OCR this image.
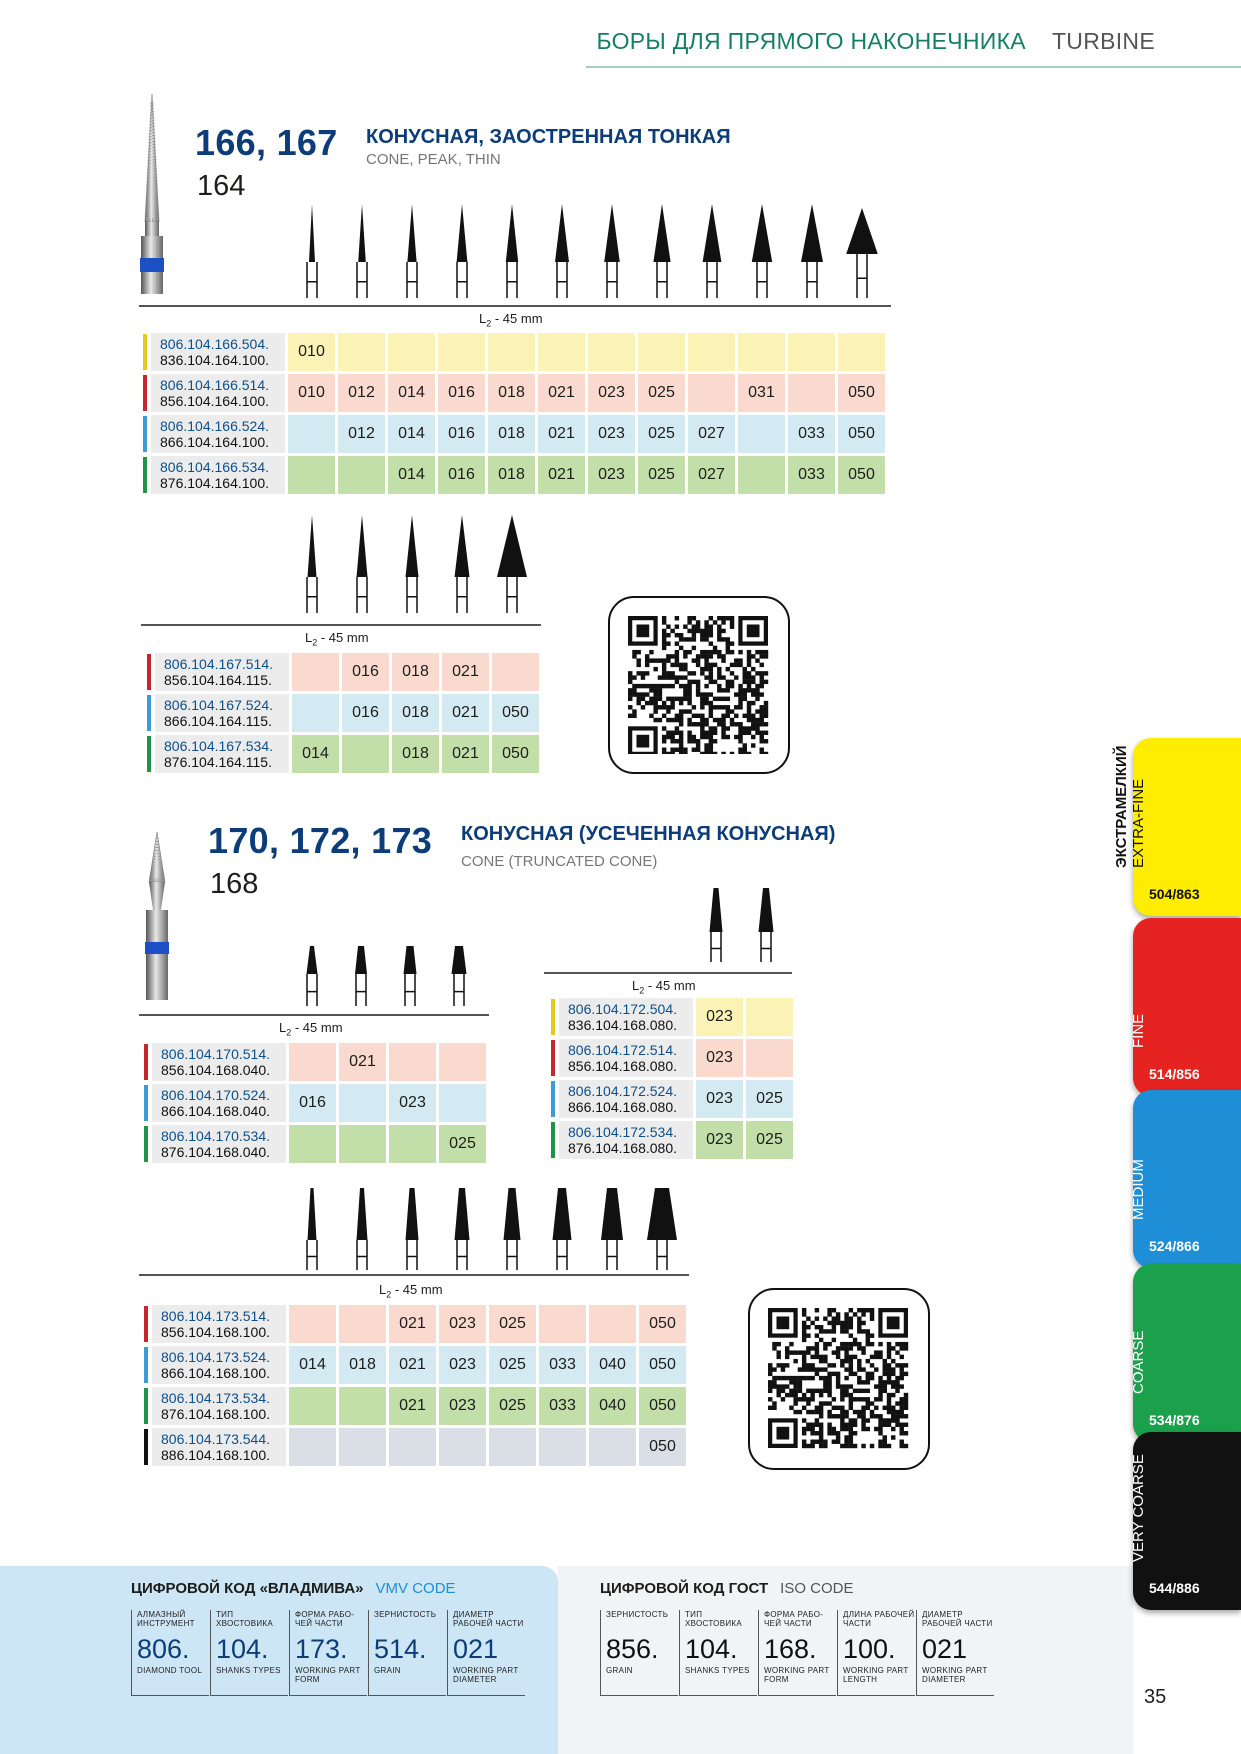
БОРЫ ДЛЯ ПРЯМОГО НАКОНЕЧНИКА TURBINE
166, 167
164
КОНУСНАЯ, ЗАОСТРЕННАЯ ТОНКАЯ
CONE, PEAK, THIN
$L_2 - 45$ mm
806.104.166.504.
836.104.164.100.	010											

806.104.166.514.
856.104.164.100.	010	012	014	016	018	021	023	025		031		050

806.104.166.524.
866.104.164.100.		012	014	016	018	021	023	025	027		033	050

806.104.166.534.
876.104.164.100.			014	016	018	021	023	025	027		033	050
$L_2 - 45$ mm
806.104.167.514.
856.104.164.115.		016	018	021	

806.104.167.524.
866.104.164.115.		016	018	021	050

806.104.167.534.
876.104.164.115.	014		018	021	050
170, 172, 173
168
КОНУСНАЯ (УСЕЧЕННАЯ КОНУСНАЯ)
CONE (TRUNCATED CONE)
$L_2 - 45$ mm
806.104.170.514.
856.104.168.040.		021		

806.104.170.524.
866.104.168.040.	016		023	

806.104.170.534.
876.104.168.040.				025
$L_2 - 45$ mm
806.104.172.504.
836.104.168.080.	023	

806.104.172.514.
856.104.168.080.	023	

806.104.172.524.
866.104.168.080.	023	025

806.104.172.534.
876.104.168.080.	023	025
$L_2 - 45$ mm
806.104.173.514.
856.104.168.100.			021	023	025			050

806.104.173.524.
866.104.168.100.	014	018	021	023	025	033	040	050

806.104.173.534.
876.104.168.100.			021	023	025	033	040	050

806.104.173.544.
886.104.168.100.								050
ЭКСТРАМЕЛКИЙ EXTRA-FINE
504/863
МЕЛКИЙ FINE
514/856
СРЕДНИЙ MEDIUM
524/866
ГРУБЫЙ COARSE
534/876
ОЧЕНЬ ГРУБЫЙ VERY COARSE
544/886
ЦИФРОВОЙ КОД «ВЛАДМИВА» VMV CODE
АЛМАЗНЫЙ ИНСТРУМЕНТ
806.
DIAMOND TOOL
ТИП ХВОСТОВИКА
104.
SHANKS TYPES
ФОРМА РАБО- ЧЕЙ ЧАСТИ
173.
WORKING PART FORM
ЗЕРНИСТОСТЬ
514.
GRAIN
ДИАМЕТР РАБОЧЕЙ ЧАСТИ
021
WORKING PART DIAMETER
ЦИФРОВОЙ КОД ГОСТ ISO CODE
ЗЕРНИСТОСТЬ
856.
GRAIN
ТИП ХВОСТОВИКА
104.
SHANKS TYPES
ФОРМА РАБО- ЧЕЙ ЧАСТИ
168.
WORKING PART FORM
ДЛИНА РАБОЧЕЙ ЧАСТИ
100.
WORKING PART LENGTH
ДИАМЕТР РАБОЧЕЙ ЧАСТИ
021
WORKING PART DIAMETER
35
